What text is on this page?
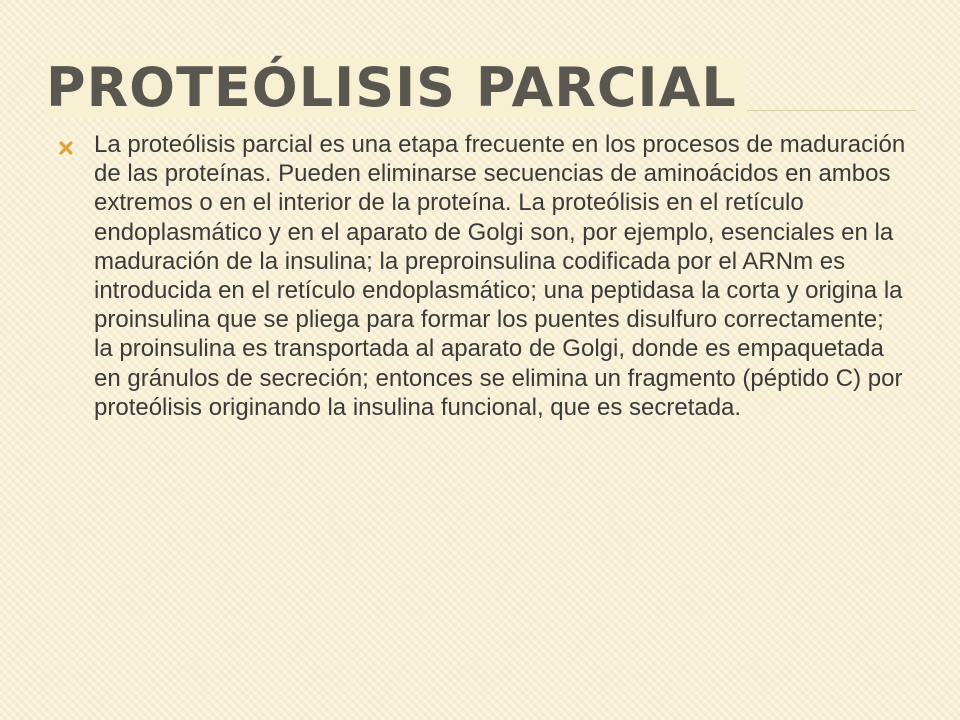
PROTEÓLISIS PARCIAL

La proteólisis parcial es una etapa frecuente en los procesos de maduración de las proteínas. Pueden eliminarse secuencias de aminoácidos en ambos extremos o en el interior de la proteína. La proteólisis en el retículo endoplasmático y en el aparato de Golgi son, por ejemplo, esenciales en la maduración de la insulina; la preproinsulina codificada por el ARNm es introducida en el retículo endoplasmático; una peptidasa la corta y origina la proinsulina que se pliega para formar los puentes disulfuro correctamente; la proinsulina es transportada al aparato de Golgi, donde es empaquetada en gránulos de secreción; entonces se elimina un fragmento (péptido C) por proteólisis originando la insulina funcional, que es secretada.
